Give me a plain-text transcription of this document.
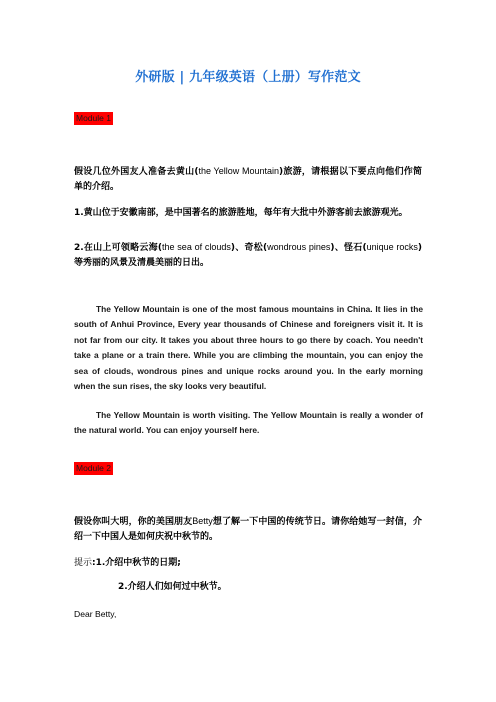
外研版 | 九年级英语（上册）写作范文
Module 1
假设几位外国友人准备去黄山(the Yellow Mountain)旅游，请根据以下要点向他们作简单的介绍。
1.黄山位于安徽南部，是中国著名的旅游胜地，每年有大批中外游客前去旅游观光。
2.在山上可领略云海(the sea of clouds)、奇松(wondrous pines)、怪石(unique rocks)等秀丽的风景及清晨美丽的日出。
The Yellow Mountain is one of the most famous mountains in China. It lies in the south of Anhui Province, Every year thousands of Chinese and foreigners visit it. It is not far from our city. It takes you about three hours to go there by coach. You needn't take a plane or a train there. While you are climbing the mountain, you can enjoy the sea of clouds, wondrous pines and unique rocks around you. In the early morning when the sun rises, the sky looks very beautiful.
The Yellow Mountain is worth visiting. The Yellow Mountain is really a wonder of the natural world. You can enjoy yourself here.
Module 2
假设你叫大明，你的美国朋友Betty想了解一下中国的传统节日。请你给她写一封信，介绍一下中国人是如何庆祝中秋节的。
提示:1.介绍中秋节的日期;
2.介绍人们如何过中秋节。
Dear Betty,
